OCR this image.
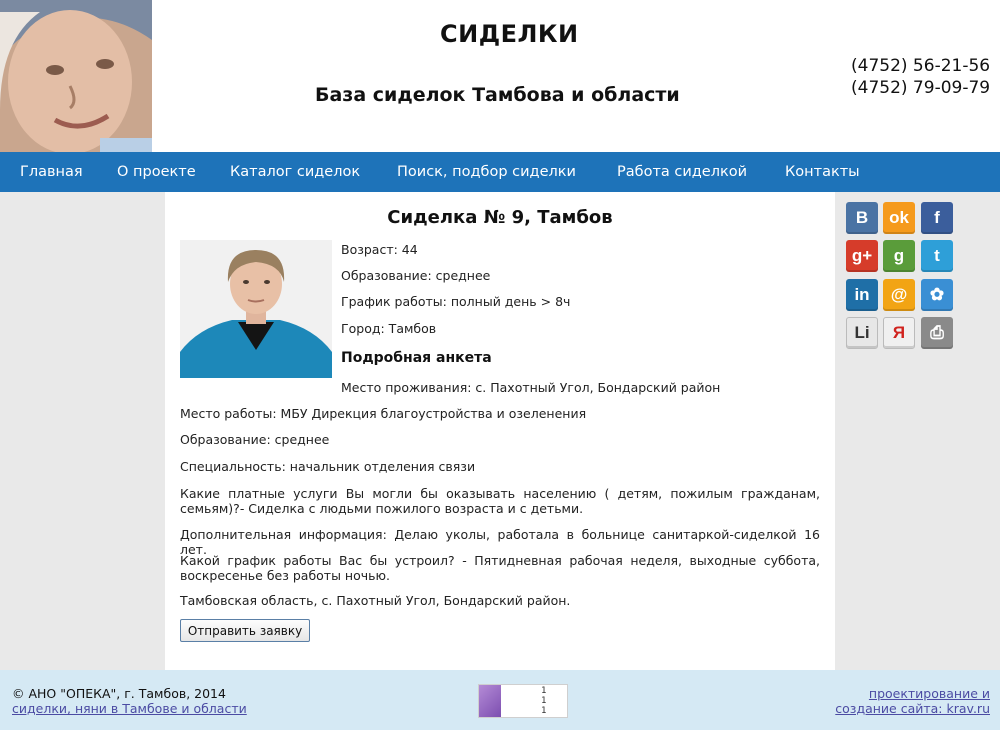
СИДЕЛКИ
База сиделок Тамбова и области
(4752) 56-21-56
(4752) 79-09-79
Главная О проекте Каталог сиделок	Поиск, подбор сиделки	Работа сиделкой	Контакты
Сиделка № 9, Тамбов
Возраст: 44
Образование: среднее
График работы: полный день > 8ч
Город: Тамбов
Подробная анкета
Место проживания: с. Пахотный Угол, Бондарский район
Место работы: МБУ Дирекция благоустройства и озеленения
Образование: среднее
Специальность: начальник отделения связи
Какие платные услуги Вы могли бы оказывать населению ( детям, пожилым гражданам, семьям)?- Сиделка с людьми пожилого возраста и с детьми.
Дополнительная информация: Делаю уколы, работала в больнице санитаркой-сиделкой 16 лет.
Какой график работы Вас бы устроил? - Пятидневная рабочая неделя, выходные суббота, воскресенье без работы ночью.
Тамбовская область, с. Пахотный Угол, Бондарский район.
Отправить заявку
B	ok	f
g+	g	t
in	@	✿
Li	Я	⎙
© АНО "ОПЕКА", г. Тамбов, 2014
сиделки, няни в Тамбове и области
1
1
1
проектирование и
создание сайта: krav.ru
